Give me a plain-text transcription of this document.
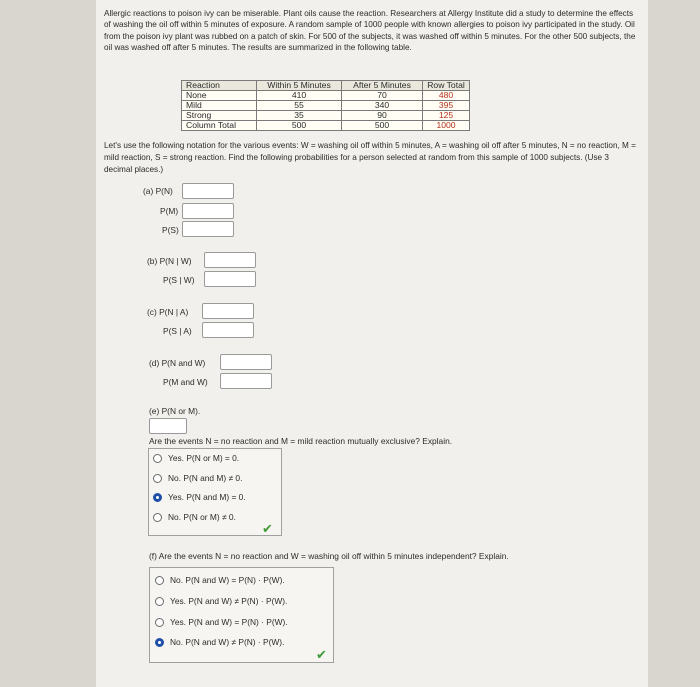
Allergic reactions to poison ivy can be miserable. Plant oils cause the reaction. Researchers at Allergy Institute did a study to determine the effects of washing the oil off within 5 minutes of exposure. A random sample of 1000 people with known allergies to poison ivy participated in the study. Oil from the poison ivy plant was rubbed on a patch of skin. For 500 of the subjects, it was washed off within 5 minutes. For the other 500 subjects, the oil was washed off after 5 minutes. The results are summarized in the following table.
Reaction	Within 5 Minutes	After 5 Minutes	Row Total
None	410	70	480
Mild	55	340	395
Strong	35	90	125
Column Total	500	500	1000
Let's use the following notation for the various events: W = washing oil off within 5 minutes, A = washing oil off after 5 minutes, N = no reaction, M = mild reaction, S = strong reaction. Find the following probabilities for a person selected at random from this sample of 1000 subjects. (Use 3 decimal places.)
(a) P(N)
P(M)
P(S)
(b) P(N | W)
P(S | W)
(c) P(N | A)
P(S | A)
(d) P(N and W)
P(M and W)
(e) P(N or M).
Are the events N = no reaction and M = mild reaction mutually exclusive? Explain.
Yes. P(N or M) = 0.
No. P(N and M) ≠ 0.
Yes. P(N and M) = 0.
No. P(N or M) ≠ 0.
✔
(f) Are the events N = no reaction and W = washing oil off within 5 minutes independent? Explain.
No. P(N and W) = P(N) · P(W).
Yes. P(N and W) ≠ P(N) · P(W).
Yes. P(N and W) = P(N) · P(W).
No. P(N and W) ≠ P(N) · P(W).
✔
